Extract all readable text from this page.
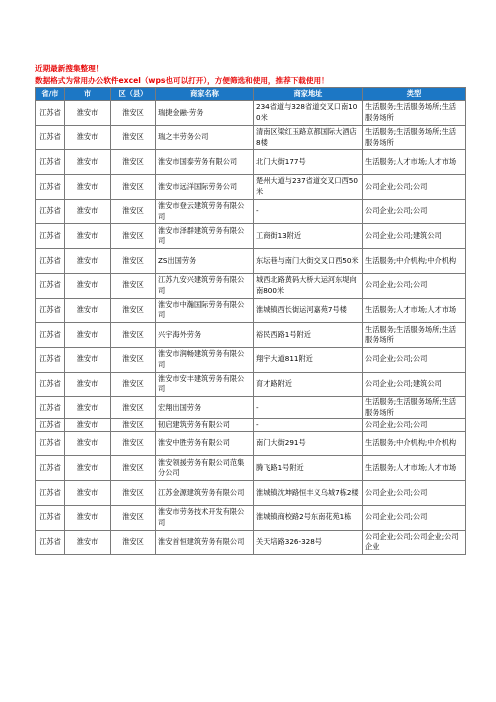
近期最新搜集整理！
数据格式为常用办公软件excel（wps也可以打开），方便筛选和使用，推荐下载使用！
省/市	市	区（县）	商家名称	商家地址	类型
江苏省	淮安市	淮安区	瑞捷金融·劳务	234省道与328省道交叉口南100米	生活服务;生活服务场所;生活服务场所
江苏省	淮安市	淮安区	瑞之丰劳务公司	清南区梁红玉路京都国际大酒店8楼	生活服务;生活服务场所;生活服务场所
江苏省	淮安市	淮安区	淮安市国泰劳务有限公司	北门大街177号	生活服务;人才市场;人才市场
江苏省	淮安市	淮安区	淮安市远洋国际劳务公司	楚州大道与237省道交叉口西50米	公司企业;公司;公司
江苏省	淮安市	淮安区	淮安市登云建筑劳务有限公司	-	公司企业;公司;公司
江苏省	淮安市	淮安区	淮安市泽群建筑劳务有限公司	工商街13附近	公司企业;公司;建筑公司
江苏省	淮安市	淮安区	ZS出国劳务	东坛巷与南门大街交叉口西50米	生活服务;中介机构;中介机构
江苏省	淮安市	淮安区	江苏九安兴建筑劳务有限公司	城西北路黄码大桥大运河东堤向南800米	公司企业;公司;公司
江苏省	淮安市	淮安区	淮安市中瀚国际劳务有限公司	淮城镇西长街运河嘉苑7号楼	生活服务;人才市场;人才市场
江苏省	淮安市	淮安区	兴宇海外劳务	裕民西路1号附近	生活服务;生活服务场所;生活服务场所
江苏省	淮安市	淮安区	淮安市润畅建筑劳务有限公司	翔宇大道811附近	公司企业;公司;公司
江苏省	淮安市	淮安区	淮安市安丰建筑劳务有限公司	育才路附近	公司企业;公司;建筑公司
江苏省	淮安市	淮安区	宏翔出国劳务	-	生活服务;生活服务场所;生活服务场所
江苏省	淮安市	淮安区	韧启建筑劳务有限公司	-	公司企业;公司;公司
江苏省	淮安市	淮安区	淮安中胜劳务有限公司	南门大街291号	生活服务;中介机构;中介机构
江苏省	淮安市	淮安区	淮安领援劳务有限公司范集分公司	腾飞路1号附近	生活服务;人才市场;人才市场
江苏省	淮安市	淮安区	江苏金源建筑劳务有限公司	淮城镇沈坤路恒丰义乌城7栋2楼	公司企业;公司;公司
江苏省	淮安市	淮安区	淮安市劳务技术开发有限公司	淮城镇商校路2号东南花苑1栋	公司企业;公司;公司
江苏省	淮安市	淮安区	淮安首恒建筑劳务有限公司	关天培路326-328号	公司企业;公司;公司企业;公司企业
